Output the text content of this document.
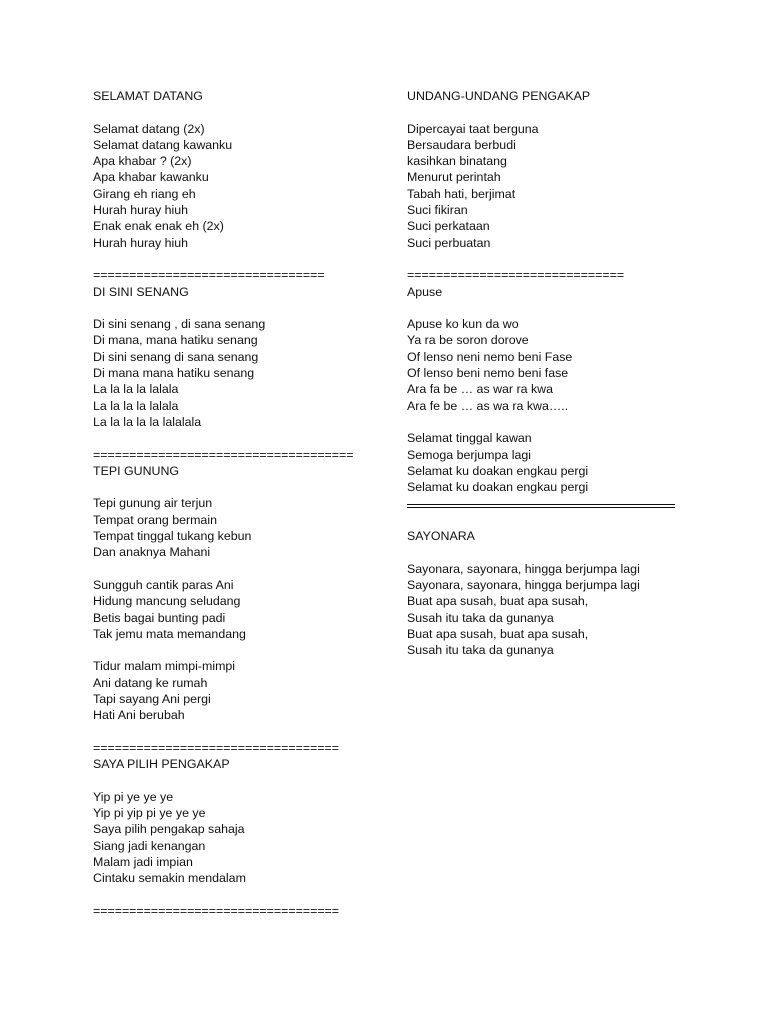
SELAMAT DATANG
Selamat datang (2x)
Selamat datang kawanku
Apa khabar ? (2x)
Apa khabar kawanku
Girang eh riang eh
Hurah huray hiuh
Enak enak enak eh (2x)
Hurah huray hiuh
================================
DI SINI SENANG
Di sini senang , di sana senang
Di mana, mana hatiku senang
Di sini senang di sana senang
Di mana mana hatiku senang
La la la la lalala
La la la la lalala
La la la la la lalalala
====================================
TEPI GUNUNG
Tepi gunung air terjun
Tempat orang bermain
Tempat tinggal tukang kebun
Dan anaknya Mahani
Sungguh cantik paras Ani
Hidung mancung seludang
Betis bagai bunting padi
Tak jemu mata memandang
Tidur malam mimpi-mimpi
Ani datang ke rumah
Tapi sayang Ani pergi
Hati Ani berubah
==================================
SAYA PILIH PENGAKAP
Yip pi ye ye ye
Yip pi yip pi ye ye ye
Saya pilih pengakap sahaja
Siang jadi kenangan
Malam jadi impian
Cintaku semakin mendalam
==================================
UNDANG-UNDANG PENGAKAP
Dipercayai taat berguna
Bersaudara berbudi
kasihkan binatang
Menurut perintah
Tabah hati, berjimat
Suci fikiran
Suci perkataan
Suci perbuatan
==============================
Apuse
Apuse ko kun da wo
Ya ra be soron dorove
Of lenso neni nemo beni Fase
Of lenso beni nemo beni fase
Ara fa be … as war ra kwa
Ara fe be … as wa ra kwa…..
Selamat tinggal kawan
Semoga berjumpa lagi
Selamat ku doakan engkau pergi
Selamat ku doakan engkau pergi
SAYONARA
Sayonara, sayonara, hingga berjumpa lagi
Sayonara, sayonara, hingga berjumpa lagi
Buat apa susah, buat apa susah,
Susah itu taka da gunanya
Buat apa susah, buat apa susah,
Susah itu taka da gunanya
